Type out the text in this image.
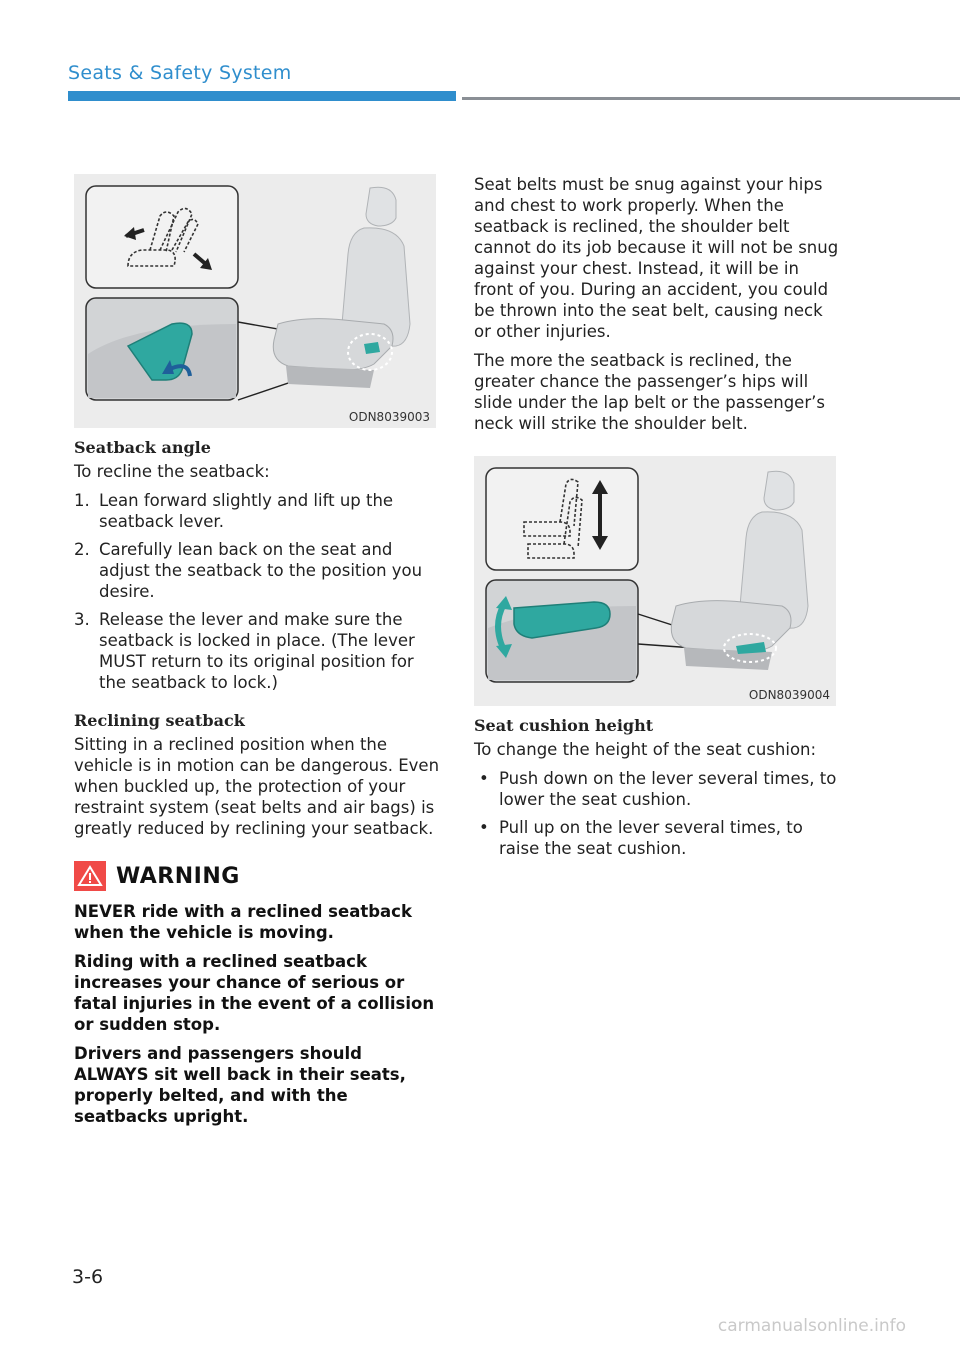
Seats & Safety System
ODN8039003
Seatback angle

To recline the seatback:

1. Lean forward slightly and lift up the seatback lever.
2. Carefully lean back on the seat and adjust the seatback to the position you desire.
3. Release the lever and make sure the seatback is locked in place. (The lever MUST return to its original position for the seatback to lock.)
Reclining seatback

Sitting in a reclined position when the vehicle is in motion can be dangerous. Even when buckled up, the protection of your restraint system (seat belts and air bags) is greatly reduced by reclining your seatback.

WARNING

NEVER ride with a reclined seatback when the vehicle is moving.

Riding with a reclined seatback increases your chance of serious or fatal injuries in the event of a collision or sudden stop.

Drivers and passengers should ALWAYS sit well back in their seats, properly belted, and with the seatbacks upright.

Seat belts must be snug against your hips and chest to work properly. When the seatback is reclined, the shoulder belt cannot do its job because it will not be snug against your chest. Instead, it will be in front of you. During an accident, you could be thrown into the seat belt, causing neck or other injuries.

The more the seatback is reclined, the greater chance the passenger’s hips will slide under the lap belt or the passenger’s neck will strike the shoulder belt.

ODN8039004
Seat cushion height

To change the height of the seat cushion:

• Push down on the lever several times, to lower the seat cushion.
• Pull up on the lever several times, to raise the seat cushion.
3-6
carmanualsonline.info
